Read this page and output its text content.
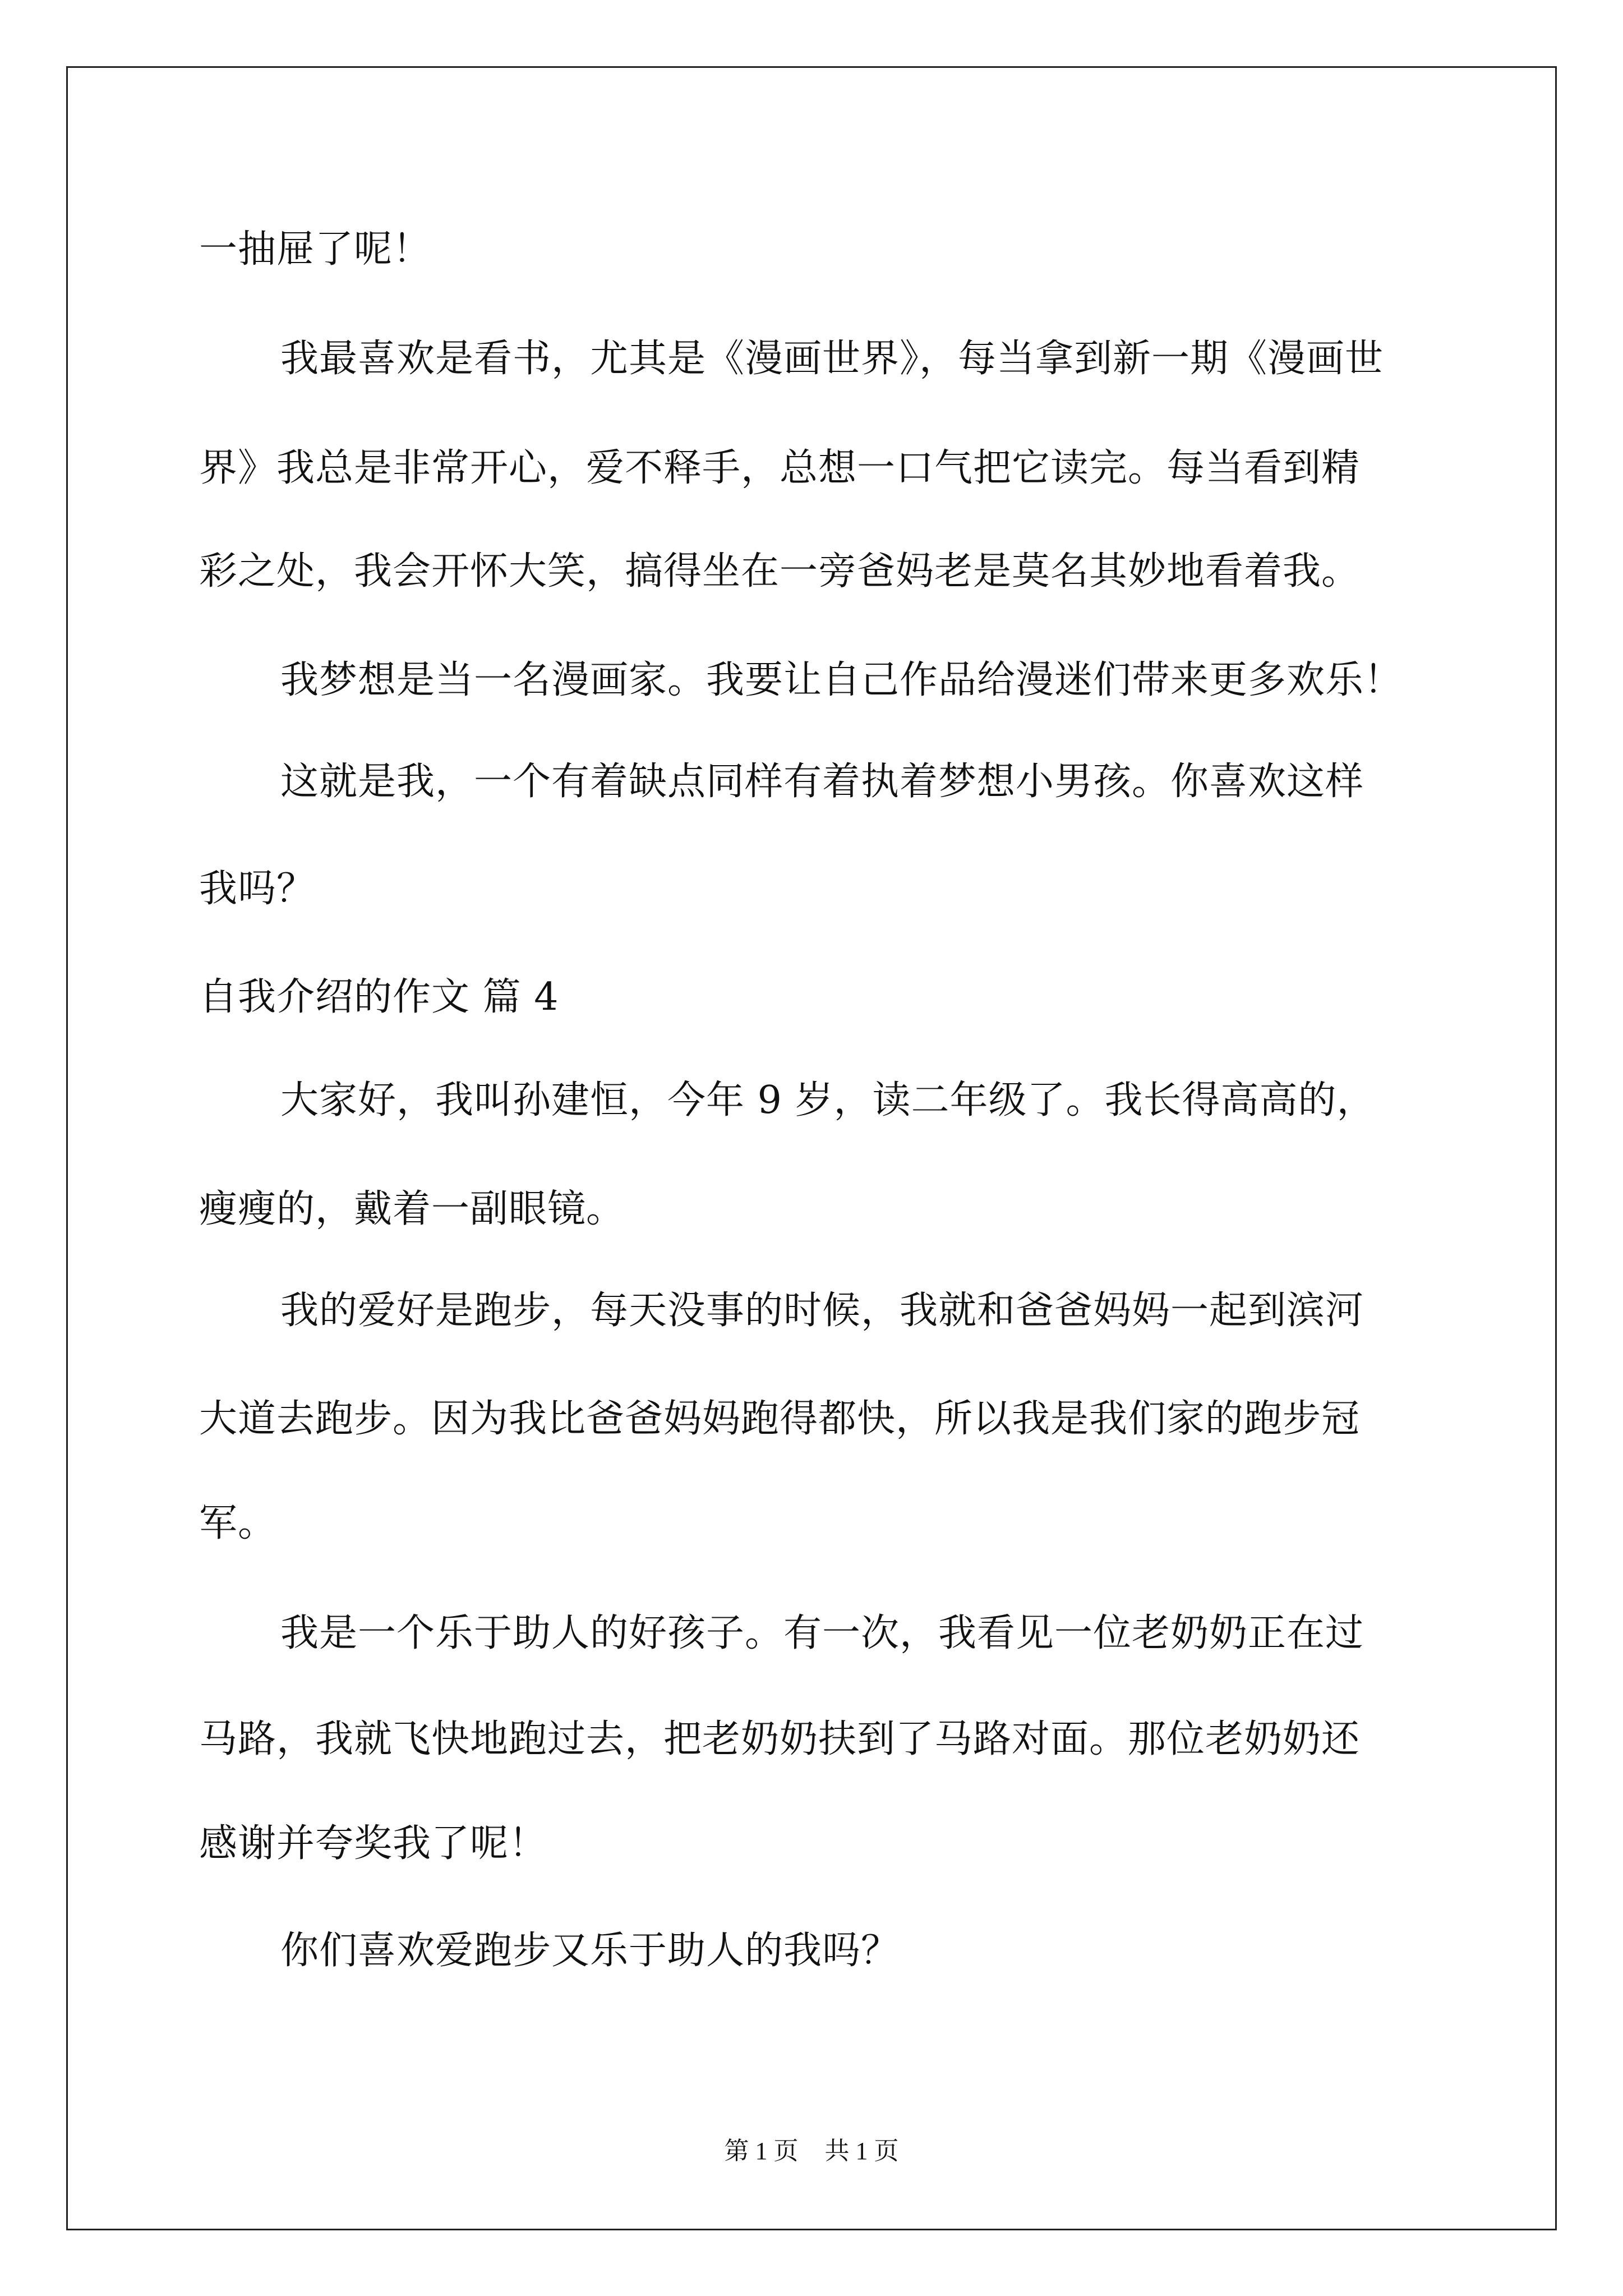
一抽屉了呢！
我最喜欢是看书，尤其是《漫画世界》，每当拿到新一期《漫画世
界》我总是非常开心，爱不释手，总想一口气把它读完。每当看到精
彩之处，我会开怀大笑，搞得坐在一旁爸妈老是莫名其妙地看着我。
我梦想是当一名漫画家。我要让自己作品给漫迷们带来更多欢乐！
这就是我，一个有着缺点同样有着执着梦想小男孩。你喜欢这样
我吗？
自我介绍的作文 篇 4
大家好，我叫孙建恒，今年 9 岁，读二年级了。我长得高高的，
瘦瘦的，戴着一副眼镜。
我的爱好是跑步，每天没事的时候，我就和爸爸妈妈一起到滨河
大道去跑步。因为我比爸爸妈妈跑得都快，所以我是我们家的跑步冠
军。
我是一个乐于助人的好孩子。有一次，我看见一位老奶奶正在过
马路，我就飞快地跑过去，把老奶奶扶到了马路对面。那位老奶奶还
感谢并夸奖我了呢！
你们喜欢爱跑步又乐于助人的我吗？
第 1 页 共 1 页
